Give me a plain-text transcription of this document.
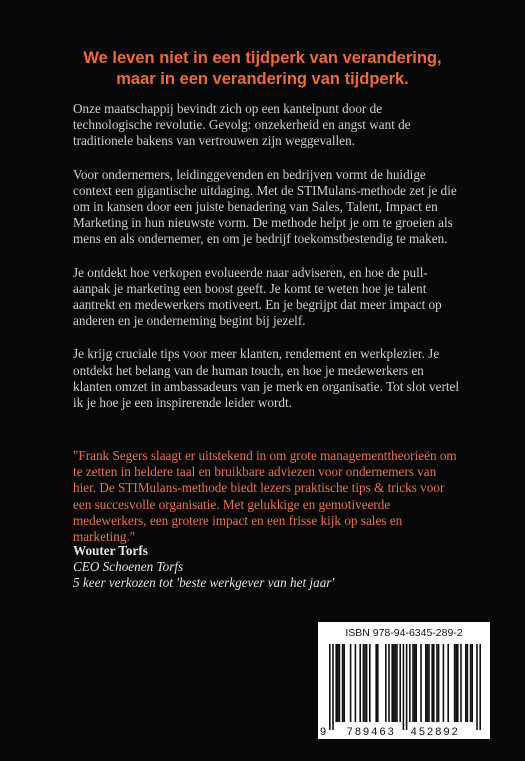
We leven niet in een tijdperk van verandering,
maar in een verandering van tijdperk.

Onze maatschappij bevindt zich op een kantelpunt door de technologische revolutie. Gevolg: onzekerheid en angst want de traditionele bakens van vertrouwen zijn weggevallen.

Voor ondernemers, leidinggevenden en bedrijven vormt de huidige context een gigantische uitdaging. Met de STIMulans-methode zet je die om in kansen door een juiste benadering van Sales, Talent, Impact en Marketing in hun nieuwste vorm. De methode helpt je om te groeien als mens en als ondernemer, en om je bedrijf toekomstbestendig te maken.

Je ontdekt hoe verkopen evolueerde naar adviseren, en hoe de pull-aanpak je marketing een boost geeft. Je komt te weten hoe je talent aantrekt en medewerkers motiveert. En je begrijpt dat meer impact op anderen en je onderneming begint bij jezelf.

Je krijg cruciale tips voor meer klanten, rendement en werkplezier. Je ontdekt het belang van de human touch, en hoe je medewerkers en klanten omzet in ambassadeurs van je merk en organisatie. Tot slot vertel ik je hoe je een inspirerende leider wordt.

"Frank Segers slaagt er uitstekend in om grote managementtheorieën om te zetten in heldere taal en bruikbare adviezen voor ondernemers van hier. De STIMulans-methode biedt lezers praktische tips & tricks voor een succesvolle organisatie. Met gelukkige en gemotiveerde medewerkers, een grotere impact en een frisse kijk op sales en marketing."

Wouter Torfs
CEO Schoenen Torfs
5 keer verkozen tot 'beste werkgever van het jaar'
ISBN 978-94-6345-289-2
9 789463 452892
